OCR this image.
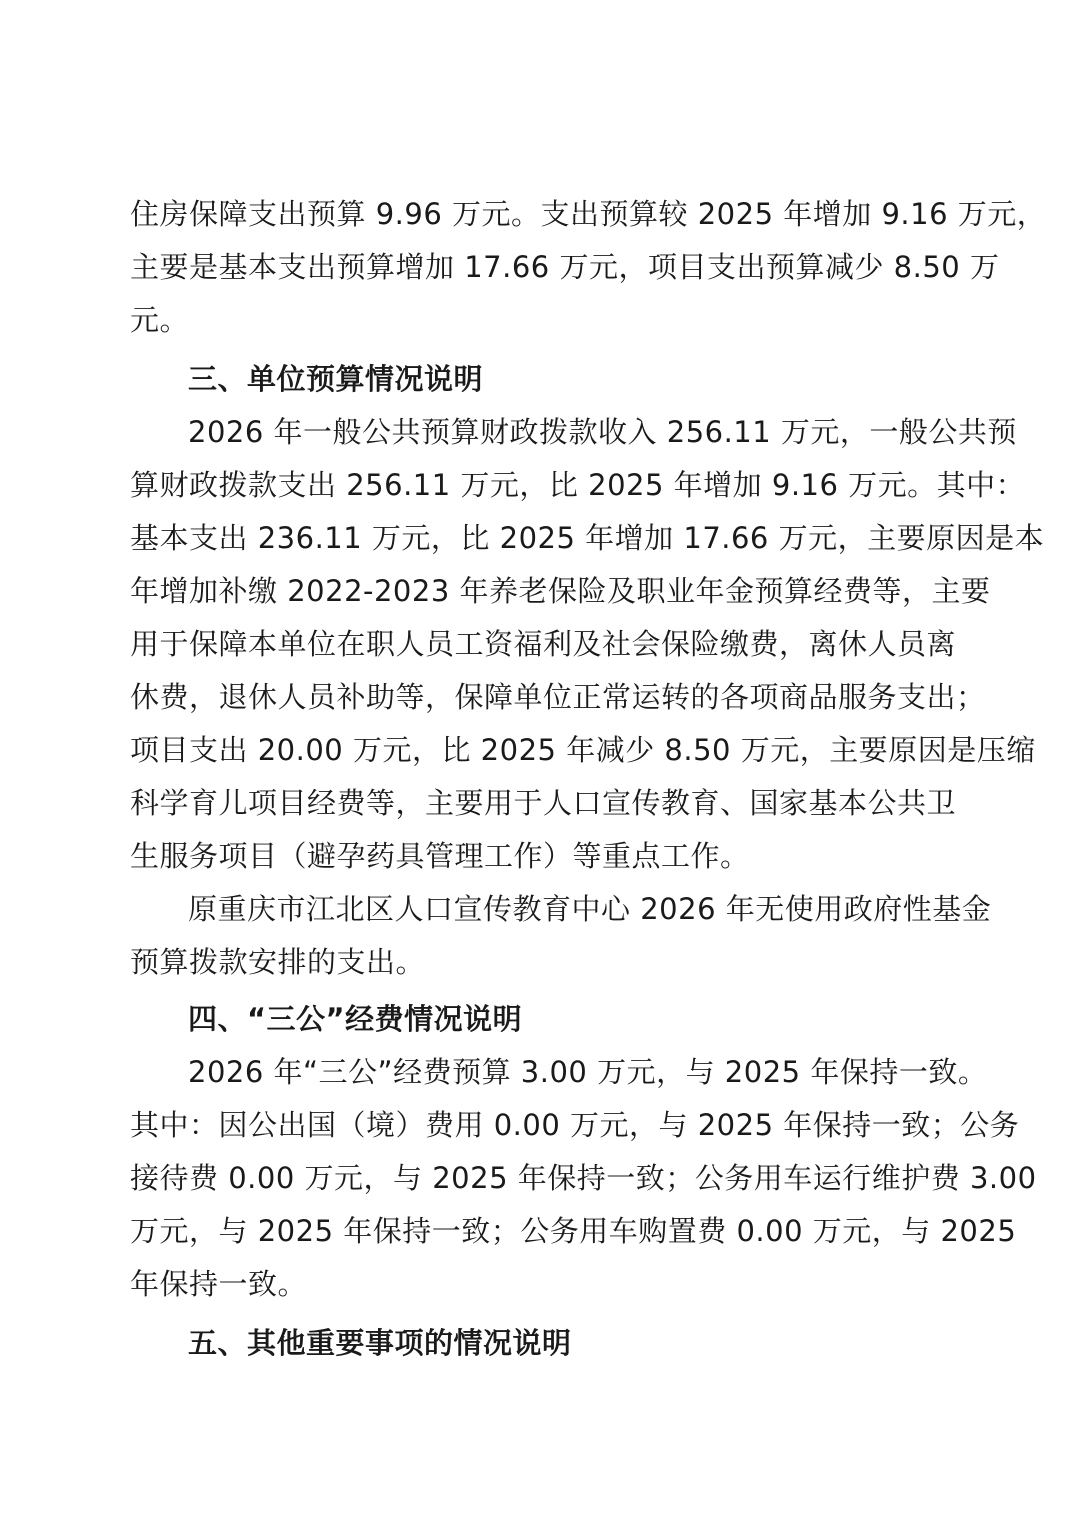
住房保障支出预算 9.96 万元。支出预算较 2025 年增加 9.16 万元，
主要是基本支出预算增加 17.66 万元，项目支出预算减少 8.50 万
元。
三、单位预算情况说明
2026 年一般公共预算财政拨款收入 256.11 万元，一般公共预
算财政拨款支出 256.11 万元，比 2025 年增加 9.16 万元。其中：
基本支出 236.11 万元，比 2025 年增加 17.66 万元，主要原因是本
年增加补缴 2022-2023 年养老保险及职业年金预算经费等，主要
用于保障本单位在职人员工资福利及社会保险缴费，离休人员离
休费，退休人员补助等，保障单位正常运转的各项商品服务支出；
项目支出 20.00 万元，比 2025 年减少 8.50 万元，主要原因是压缩
科学育儿项目经费等，主要用于人口宣传教育、国家基本公共卫
生服务项目（避孕药具管理工作）等重点工作。
原重庆市江北区人口宣传教育中心 2026 年无使用政府性基金
预算拨款安排的支出。
四、“三公”经费情况说明
2026 年“三公”经费预算 3.00 万元，与 2025 年保持一致。
其中：因公出国（境）费用 0.00 万元，与 2025 年保持一致；公务
接待费 0.00 万元，与 2025 年保持一致；公务用车运行维护费 3.00
万元，与 2025 年保持一致；公务用车购置费 0.00 万元，与 2025
年保持一致。
五、其他重要事项的情况说明
